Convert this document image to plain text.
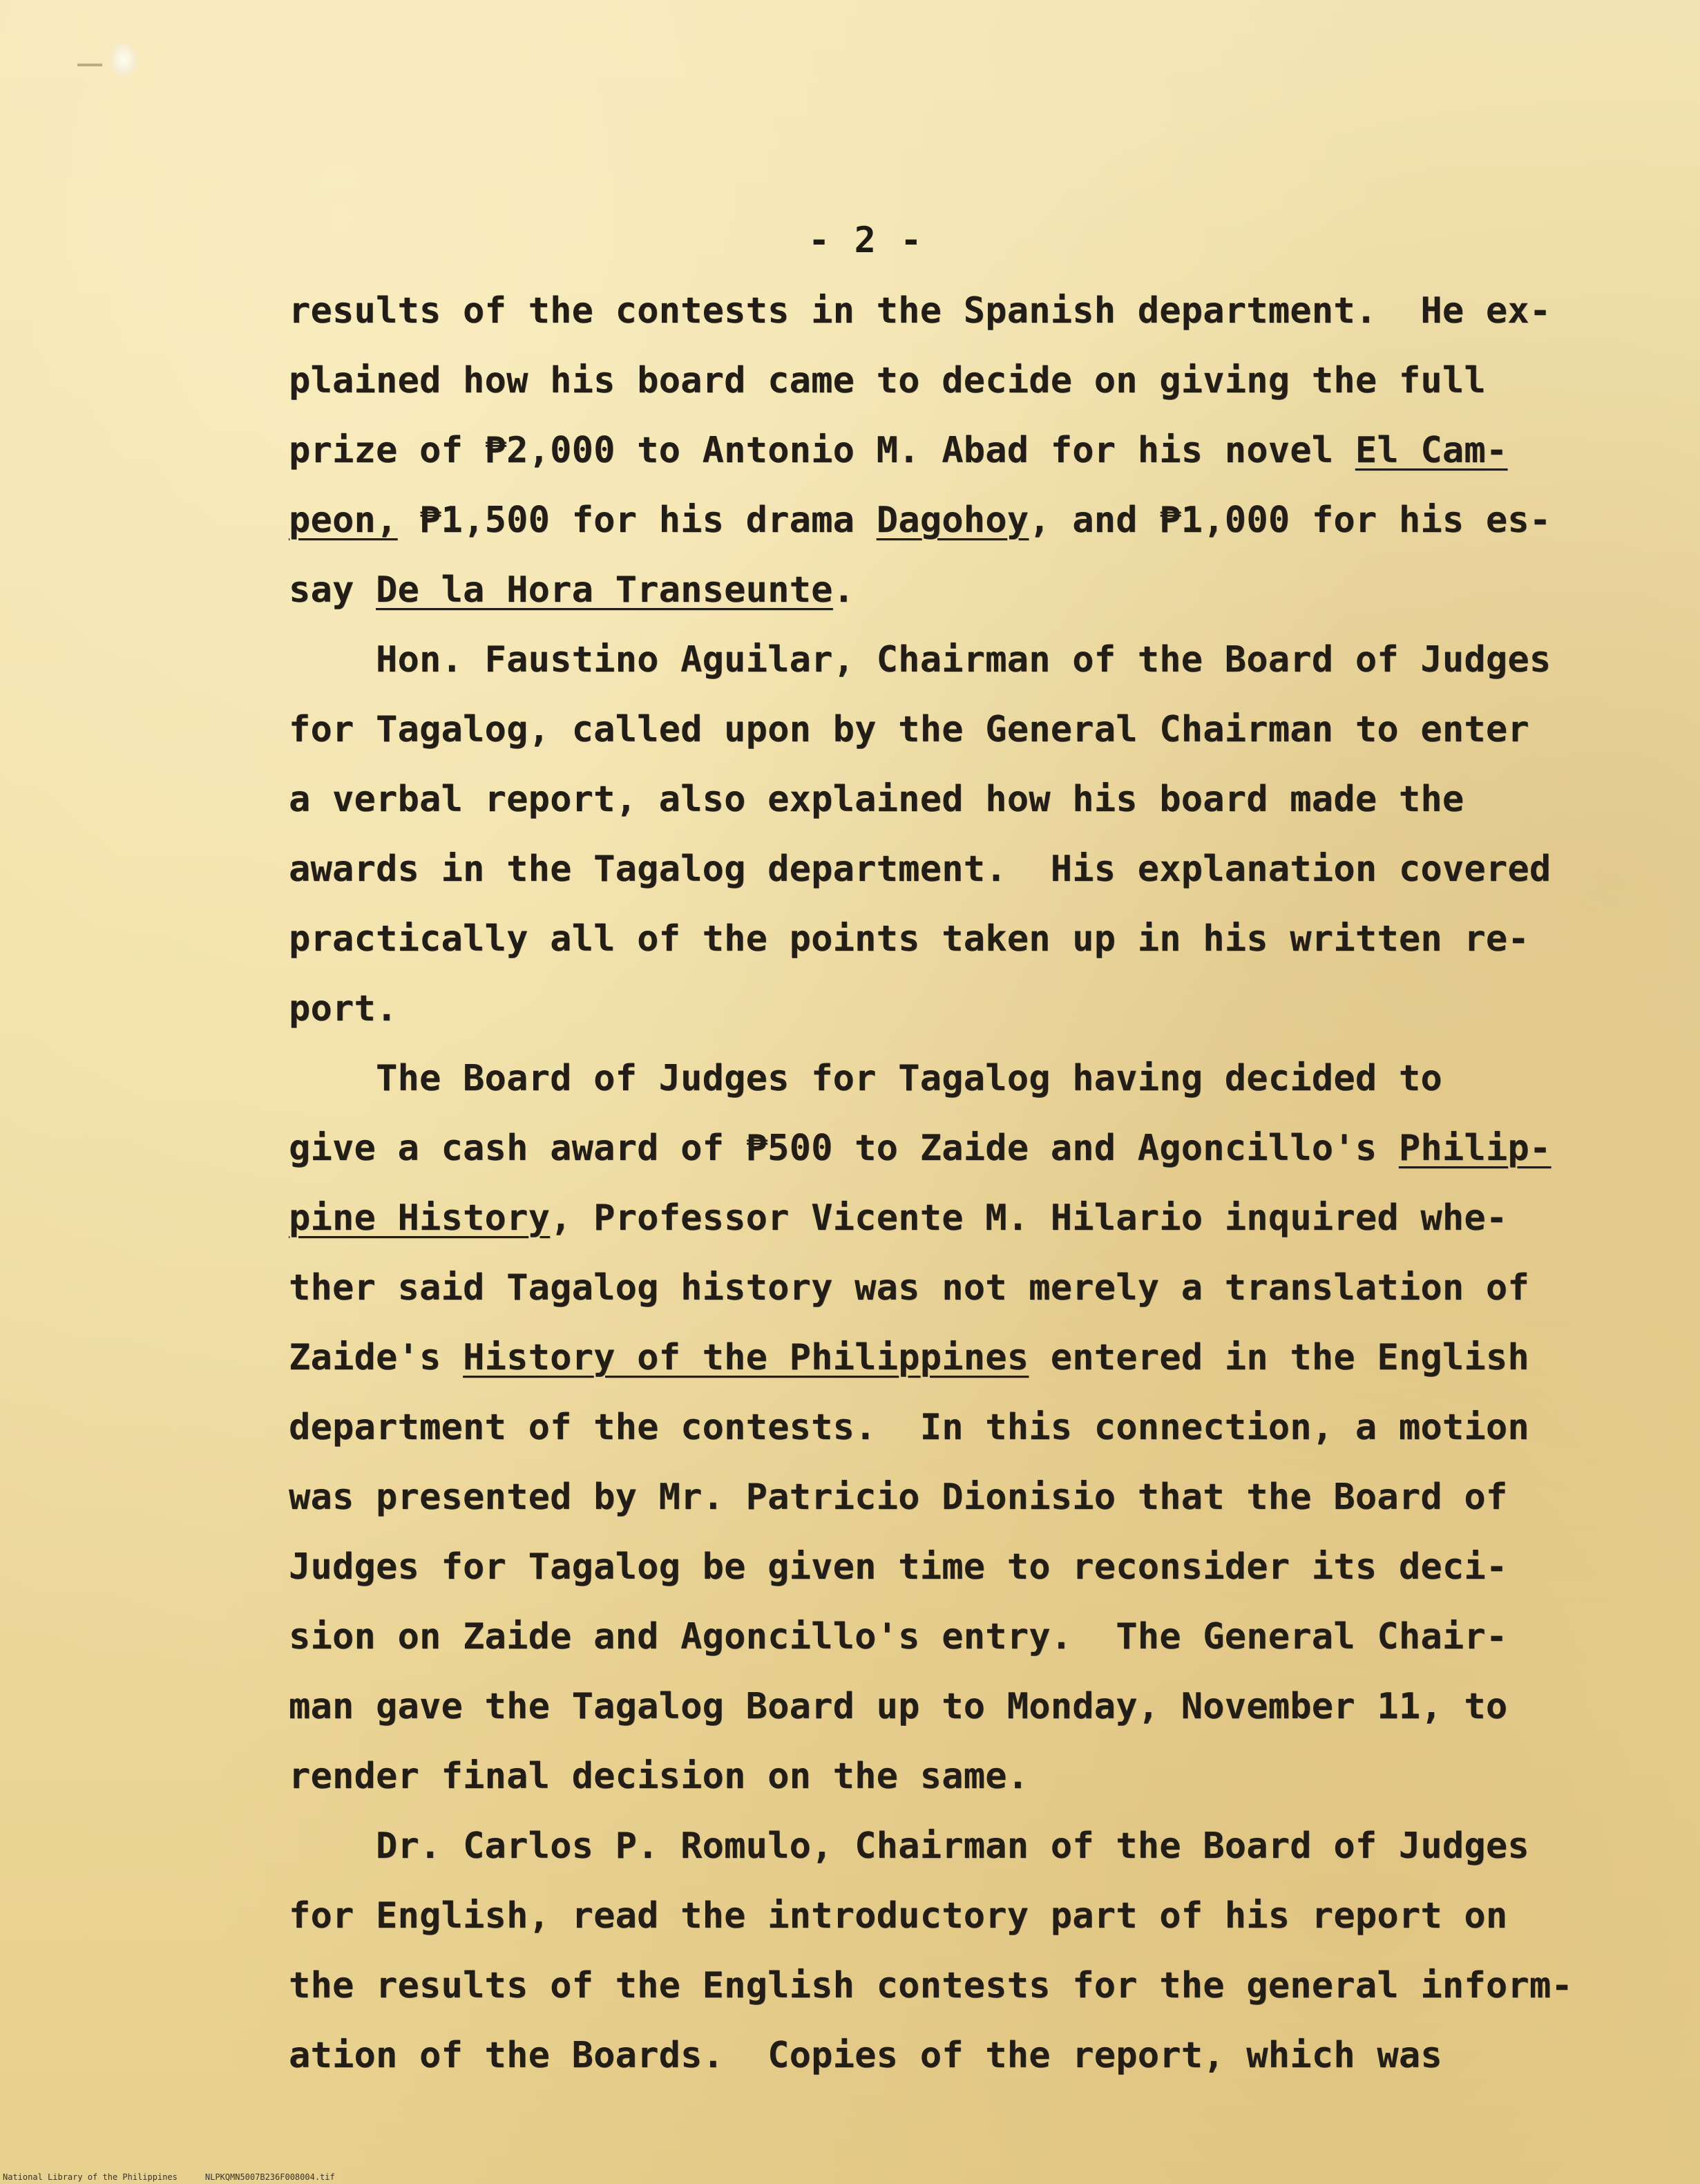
- 2 -
results of the contests in the Spanish department.  He ex-
plained how his board came to decide on giving the full
prize of ₱2,000 to Antonio M. Abad for his novel El Cam-
peon, ₱1,500 for his drama Dagohoy, and ₱1,000 for his es-
say De la Hora Transeunte.
Hon. Faustino Aguilar, Chairman of the Board of Judges
for Tagalog, called upon by the General Chairman to enter
a verbal report, also explained how his board made the
awards in the Tagalog department.  His explanation covered
practically all of the points taken up in his written re-
port.
The Board of Judges for Tagalog having decided to
give a cash award of ₱500 to Zaide and Agoncillo's Philip-
pine History, Professor Vicente M. Hilario inquired whe-
ther said Tagalog history was not merely a translation of
Zaide's History of the Philippines entered in the English
department of the contests.  In this connection, a motion
was presented by Mr. Patricio Dionisio that the Board of
Judges for Tagalog be given time to reconsider its deci-
sion on Zaide and Agoncillo's entry.  The General Chair-
man gave the Tagalog Board up to Monday, November 11, to
render final decision on the same.
Dr. Carlos P. Romulo, Chairman of the Board of Judges
for English, read the introductory part of his report on
the results of the English contests for the general inform-
ation of the Boards.  Copies of the report, which was
National Library of the Philippines	NLPKQMN5007B236F008004.tif
